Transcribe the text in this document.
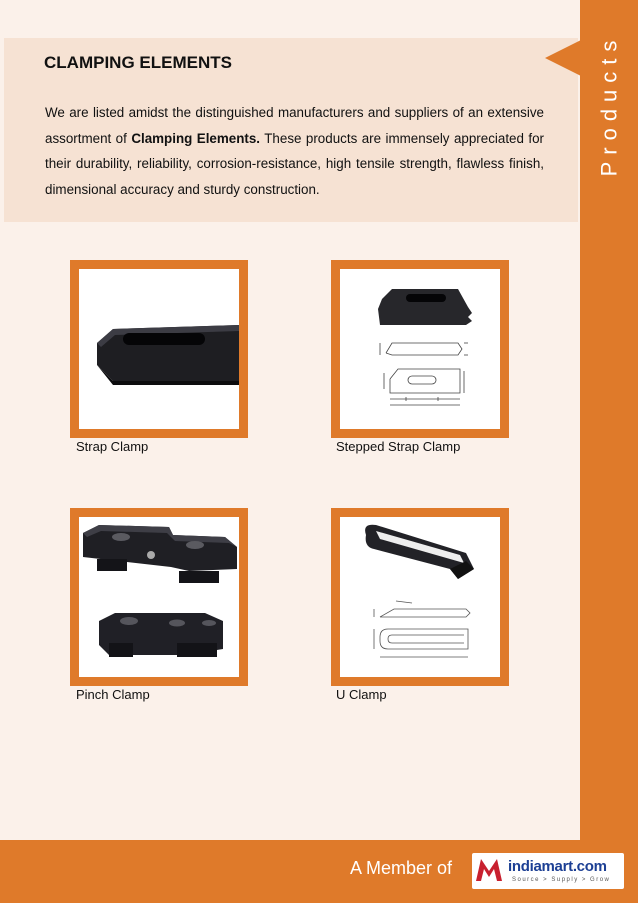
Products
CLAMPING ELEMENTS

We are listed amidst the distinguished manufacturers and suppliers of an extensive assortment of Clamping Elements. These products are immensely appreciated for their durability, reliability, corrosion-resistance, high tensile strength, flawless finish, dimensional accuracy and sturdy construction.

Strap Clamp	Stepped Strap Clamp
Pinch Clamp	U Clamp
A Member of	indiamart.com
Source > Supply > Grow
